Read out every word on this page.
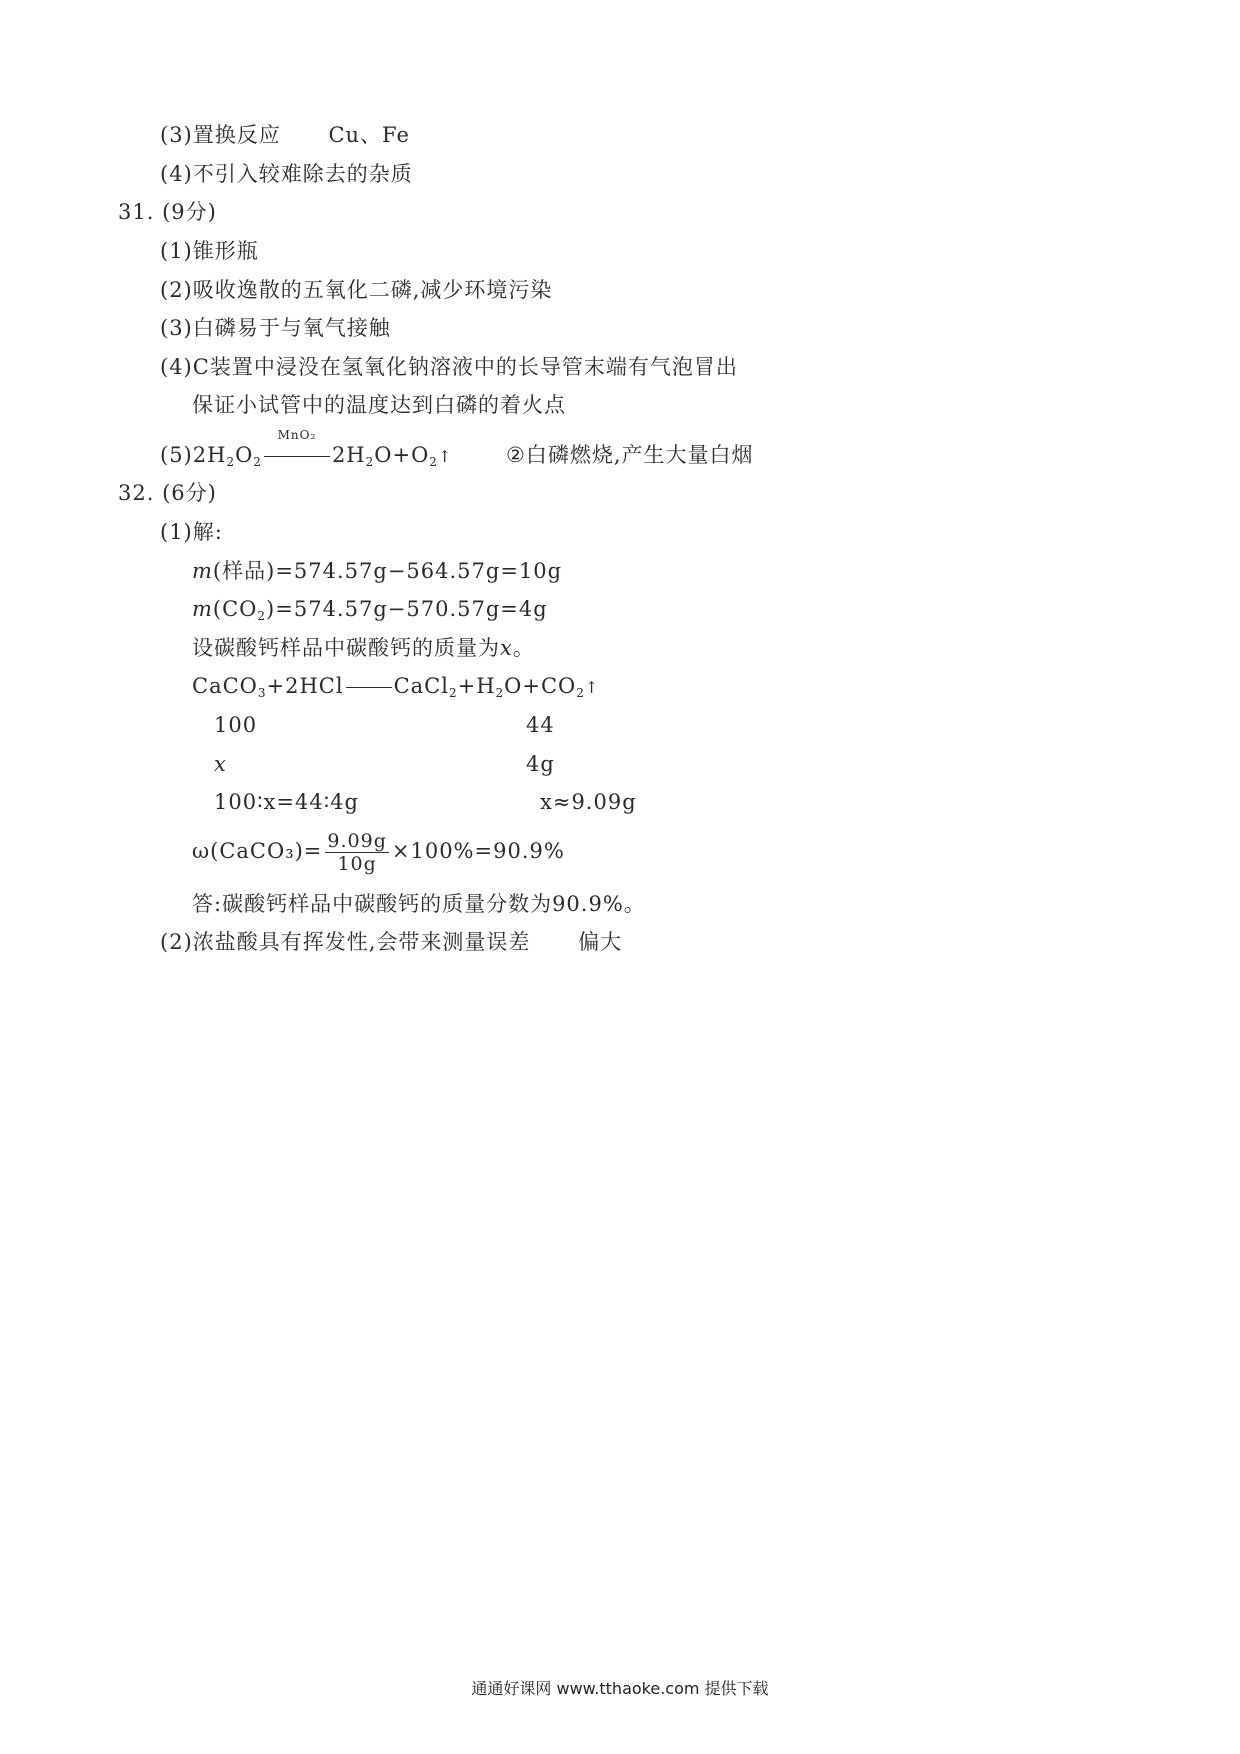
(3)置换反应 Cu、Fe
(4)不引入较难除去的杂质
31. (9分)
(1)锥形瓶
(2)吸收逸散的五氧化二磷,减少环境污染
(3)白磷易于与氧气接触
(4)C装置中浸没在氢氧化钠溶液中的长导管末端有气泡冒出
保证小试管中的温度达到白磷的着火点
$(5)2H_2O_2$
MnO₂
$2H_2O+O_2↑$	②白磷燃烧,产生大量白烟
32. (6分)
(1)解:
m(样品)=574.57g−564.57g=10g
$m(CO_2)=574.57g-570.57g=4g$
设碳酸钙样品中碳酸钙的质量为x。
CaCO$_3$+2HCl $CaCl_2+H_2O+CO_2↑$
100	44
x	4g
100∶x=44∶4g	x≈9.09g
ω(CaCO₃)= $\frac{9.09g}{10g} \times 100\%=90.9\%$
答:碳酸钙样品中碳酸钙的质量分数为90.9%。
(2)浓盐酸具有挥发性,会带来测量误差 偏大
通通好课网 www.tthaoke.com 提供下载
